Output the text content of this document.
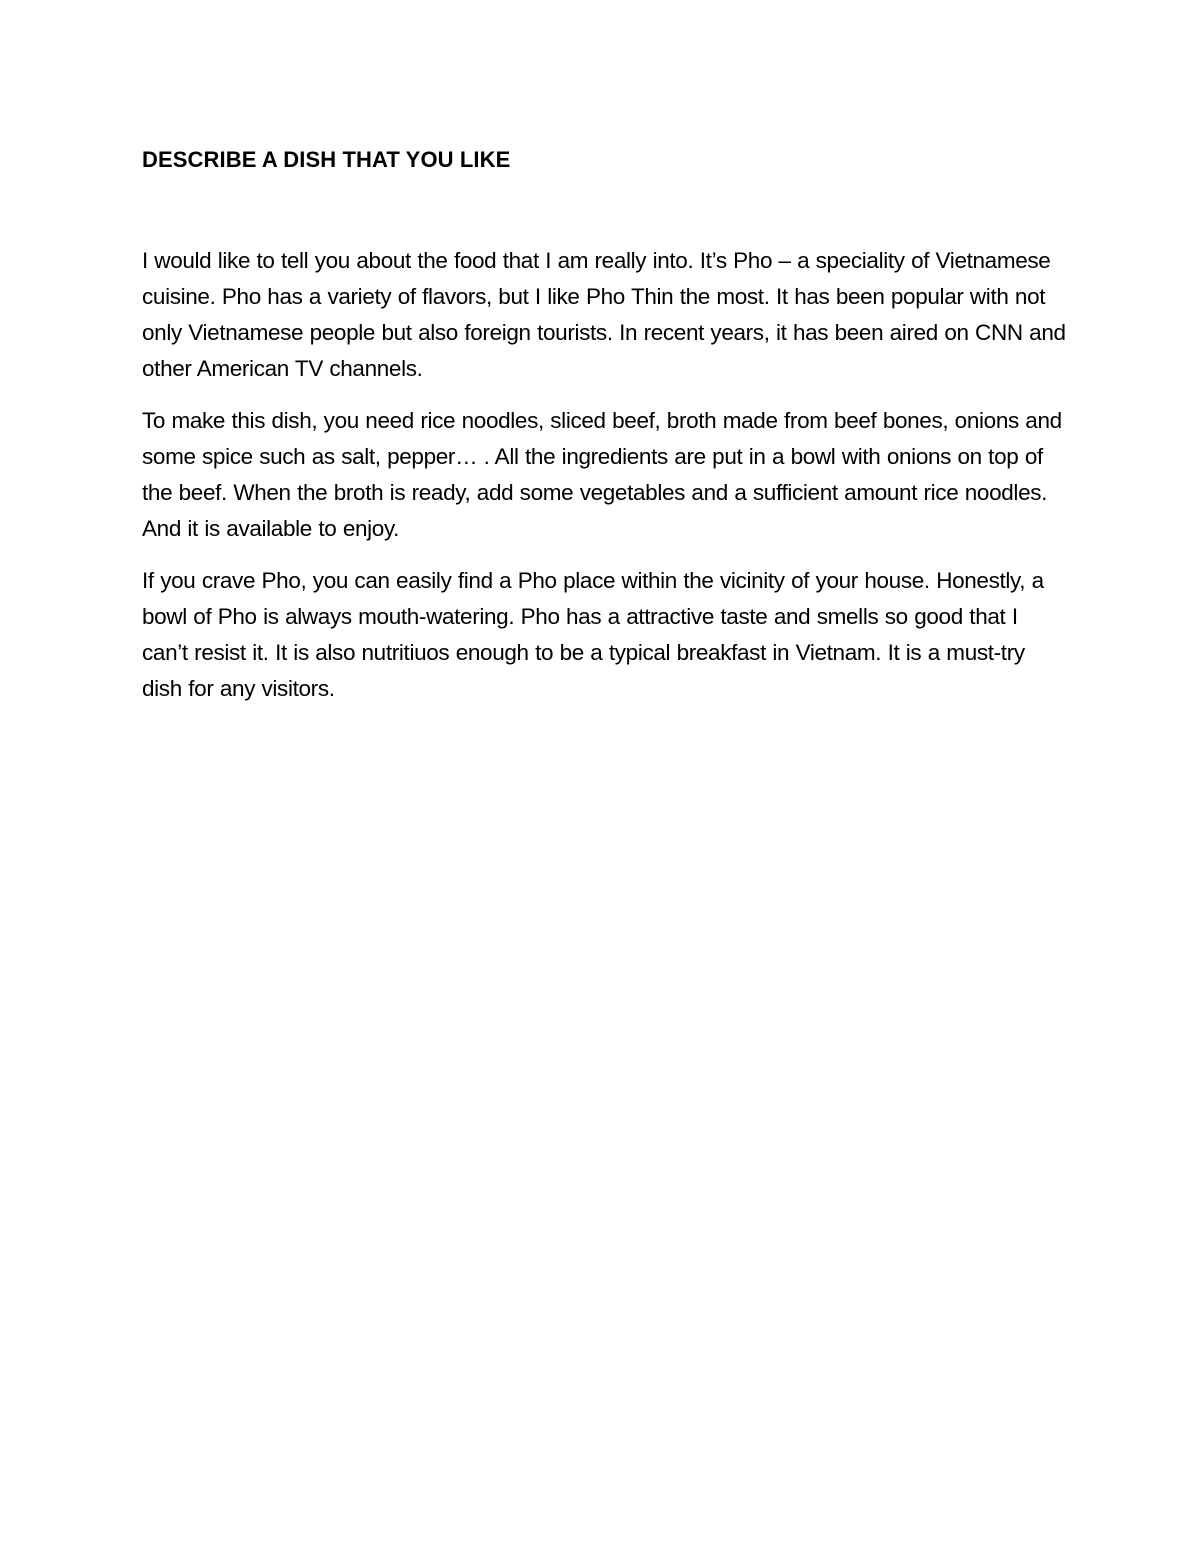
DESCRIBE A DISH THAT YOU LIKE

I would like to tell you about the food that I am really into. It’s Pho – a speciality of Vietnamese cuisine. Pho has a variety of flavors, but I like Pho Thin the most. It has been popular with not only Vietnamese people but also foreign tourists. In recent years, it has been aired on CNN and other American TV channels.

To make this dish, you need rice noodles, sliced beef, broth made from beef bones, onions and some spice such as salt, pepper… . All the ingredients are put in a bowl with onions on top of the beef. When the broth is ready, add some vegetables and a sufficient amount rice noodles. And it is available to enjoy.

If you crave Pho, you can easily find a Pho place within the vicinity of your house. Honestly, a bowl of Pho is always mouth-watering. Pho has a attractive taste and smells so good that I can’t resist it. It is also nutritiuos enough to be a typical breakfast in Vietnam. It is a must-try dish for any visitors.
